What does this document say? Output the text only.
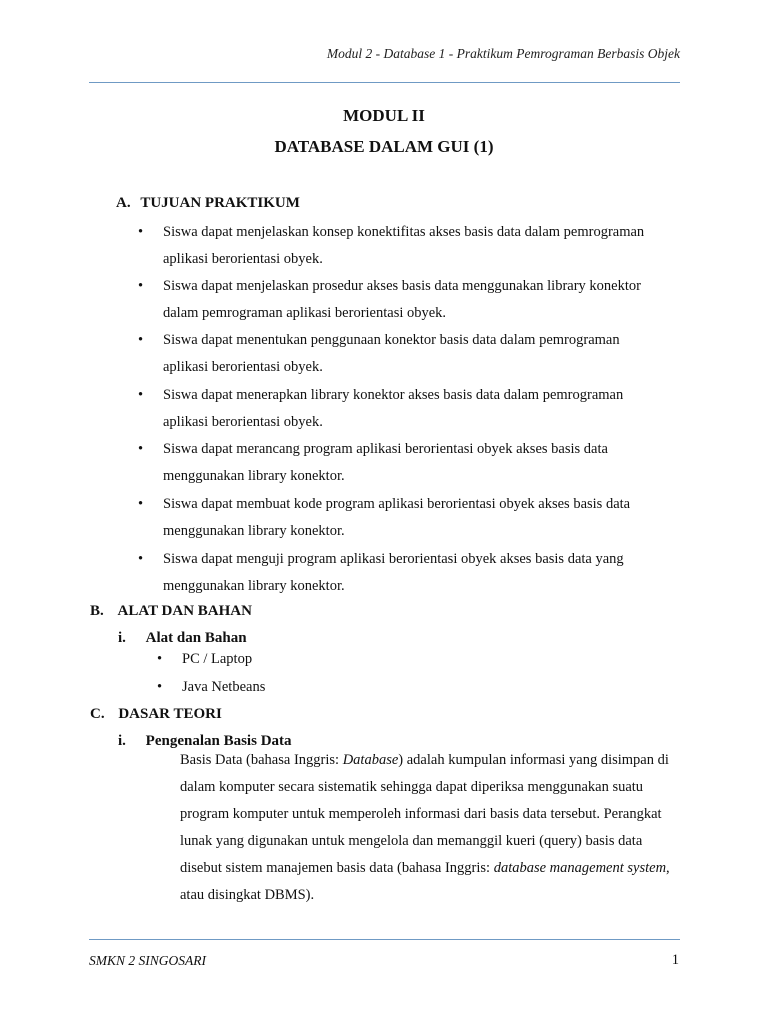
Modul 2 - Database 1 - Praktikum Pemrograman Berbasis Objek
MODUL II
DATABASE DALAM GUI (1)
A. TUJUAN PRAKTIKUM
• Siswa dapat menjelaskan konsep konektifitas akses basis data dalam pemrograman
aplikasi berorientasi obyek.
• Siswa dapat menjelaskan prosedur akses basis data menggunakan library konektor
dalam pemrograman aplikasi berorientasi obyek.
• Siswa dapat menentukan penggunaan konektor basis data dalam pemrograman
aplikasi berorientasi obyek.
• Siswa dapat menerapkan library konektor akses basis data dalam pemrograman
aplikasi berorientasi obyek.
• Siswa dapat merancang program aplikasi berorientasi obyek akses basis data
menggunakan library konektor.
• Siswa dapat membuat kode program aplikasi berorientasi obyek akses basis data
menggunakan library konektor.
• Siswa dapat menguji program aplikasi berorientasi obyek akses basis data yang
menggunakan library konektor.
B. ALAT DAN BAHAN
i. Alat dan Bahan
• PC / Laptop
• Java Netbeans
C. DASAR TEORI
i. Pengenalan Basis Data

Basis Data (bahasa Inggris: Database) adalah kumpulan informasi yang disimpan di dalam komputer secara sistematik sehingga dapat diperiksa menggunakan suatu program komputer untuk memperoleh informasi dari basis data tersebut. Perangkat lunak yang digunakan untuk mengelola dan memanggil kueri (query) basis data disebut sistem manajemen basis data (bahasa Inggris: database management system, atau disingkat DBMS).

SMKN 2 SINGOSARI	1
